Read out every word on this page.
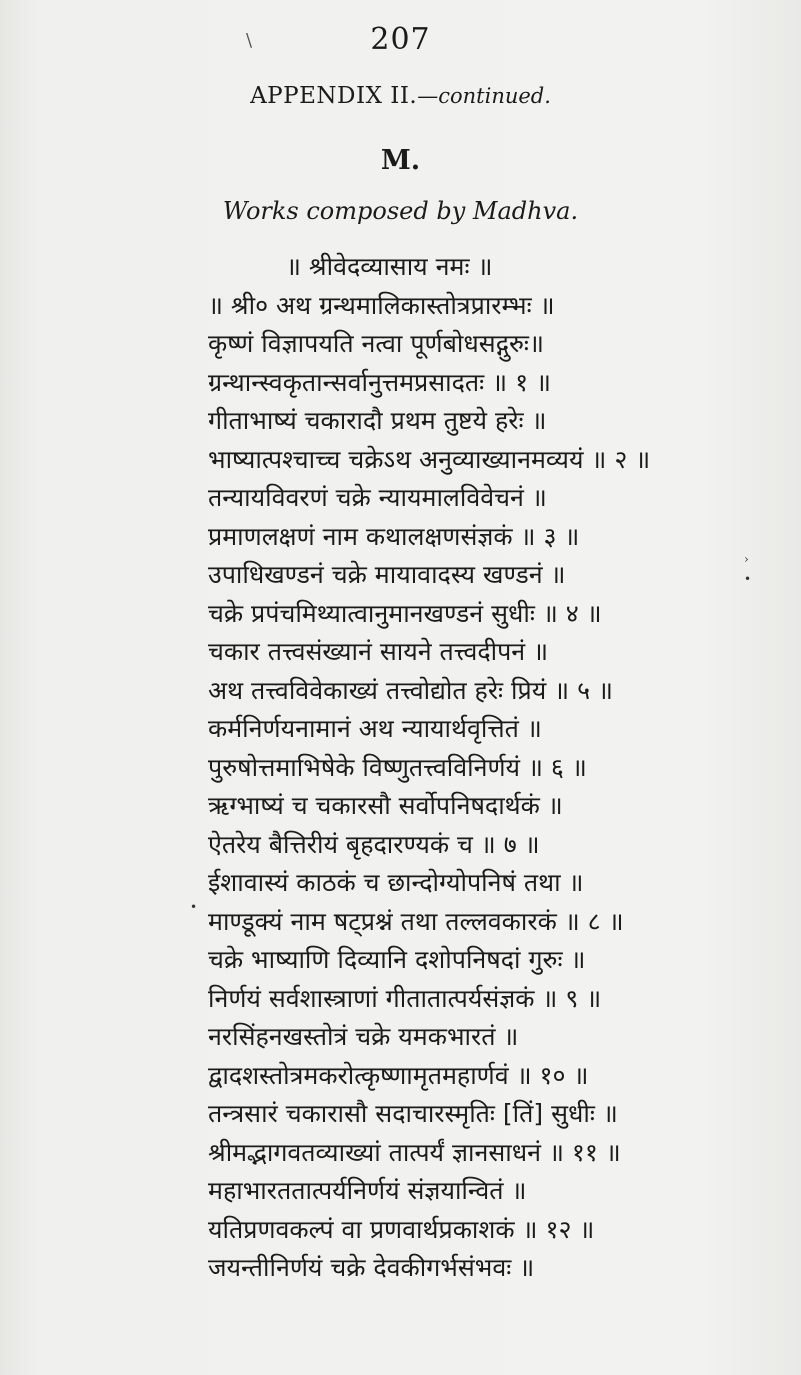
\	207
APPENDIX II.—continued.
M.
Works composed by Madhva.
॥ श्रीवेदव्यासाय नमः ॥
॥ श्री० अथ ग्रन्थमालिकास्तोत्रप्रारम्भः ॥
कृष्णं विज्ञापयति नत्वा पूर्णबोधसद्गुरुः॥
ग्रन्थान्स्वकृतान्सर्वानुत्तमप्रसादतः ॥ १ ॥
गीताभाष्यं चकारादौ प्रथम तुष्टये हरेः ॥
भाष्यात्पश्चाच्च चक्रेऽथ अनुव्याख्यानमव्ययं ॥ २ ॥
तन्यायविवरणं चक्रे न्यायमालविवेचनं ॥
प्रमाणलक्षणं नाम कथालक्षणसंज्ञकं ॥ ३ ॥
उपाधिखण्डनं चक्रे मायावादस्य खण्डनं ॥
चक्रे प्रपंचमिथ्यात्वानुमानखण्डनं सुधीः ॥ ४ ॥
चकार तत्त्वसंख्यानं सायने तत्त्वदीपनं ॥
अथ तत्त्वविवेकाख्यं तत्त्वोद्योत हरेः प्रियं ॥ ५ ॥
कर्मनिर्णयनामानं अथ न्यायार्थवृत्तितं ॥
पुरुषोत्तमाभिषेके विष्णुतत्त्वविनिर्णयं ॥ ६ ॥
ऋग्भाष्यं च चकारसौ सर्वोपनिषदार्थकं ॥
ऐतरेय बैत्तिरीयं बृहदारण्यकं च ॥ ७ ॥
ईशावास्यं काठकं च छान्दोग्योपनिषं तथा ॥
माण्डूक्यं नाम षट्प्रश्नं तथा तल्लवकारकं ॥ ८ ॥
चक्रे भाष्याणि दिव्यानि दशोपनिषदां गुरुः ॥
निर्णयं सर्वशास्त्राणां गीतातात्पर्यसंज्ञकं ॥ ९ ॥
नरसिंहनखस्तोत्रं चक्रे यमकभारतं ॥
द्वादशस्तोत्रमकरोत्कृष्णामृतमहार्णवं ॥ १० ॥
तन्त्रसारं चकारासौ सदाचारस्मृतिः [तिं] सुधीः ॥
श्रीमद्भागवतव्याख्यां तात्पर्यं ज्ञानसाधनं ॥ ११ ॥
महाभारततात्पर्यनिर्णयं संज्ञयान्वितं ॥
यतिप्रणवकल्पं वा प्रणवार्थप्रकाशकं ॥ १२ ॥
जयन्तीनिर्णयं चक्रे देवकीगर्भसंभवः ॥
›
•
•
